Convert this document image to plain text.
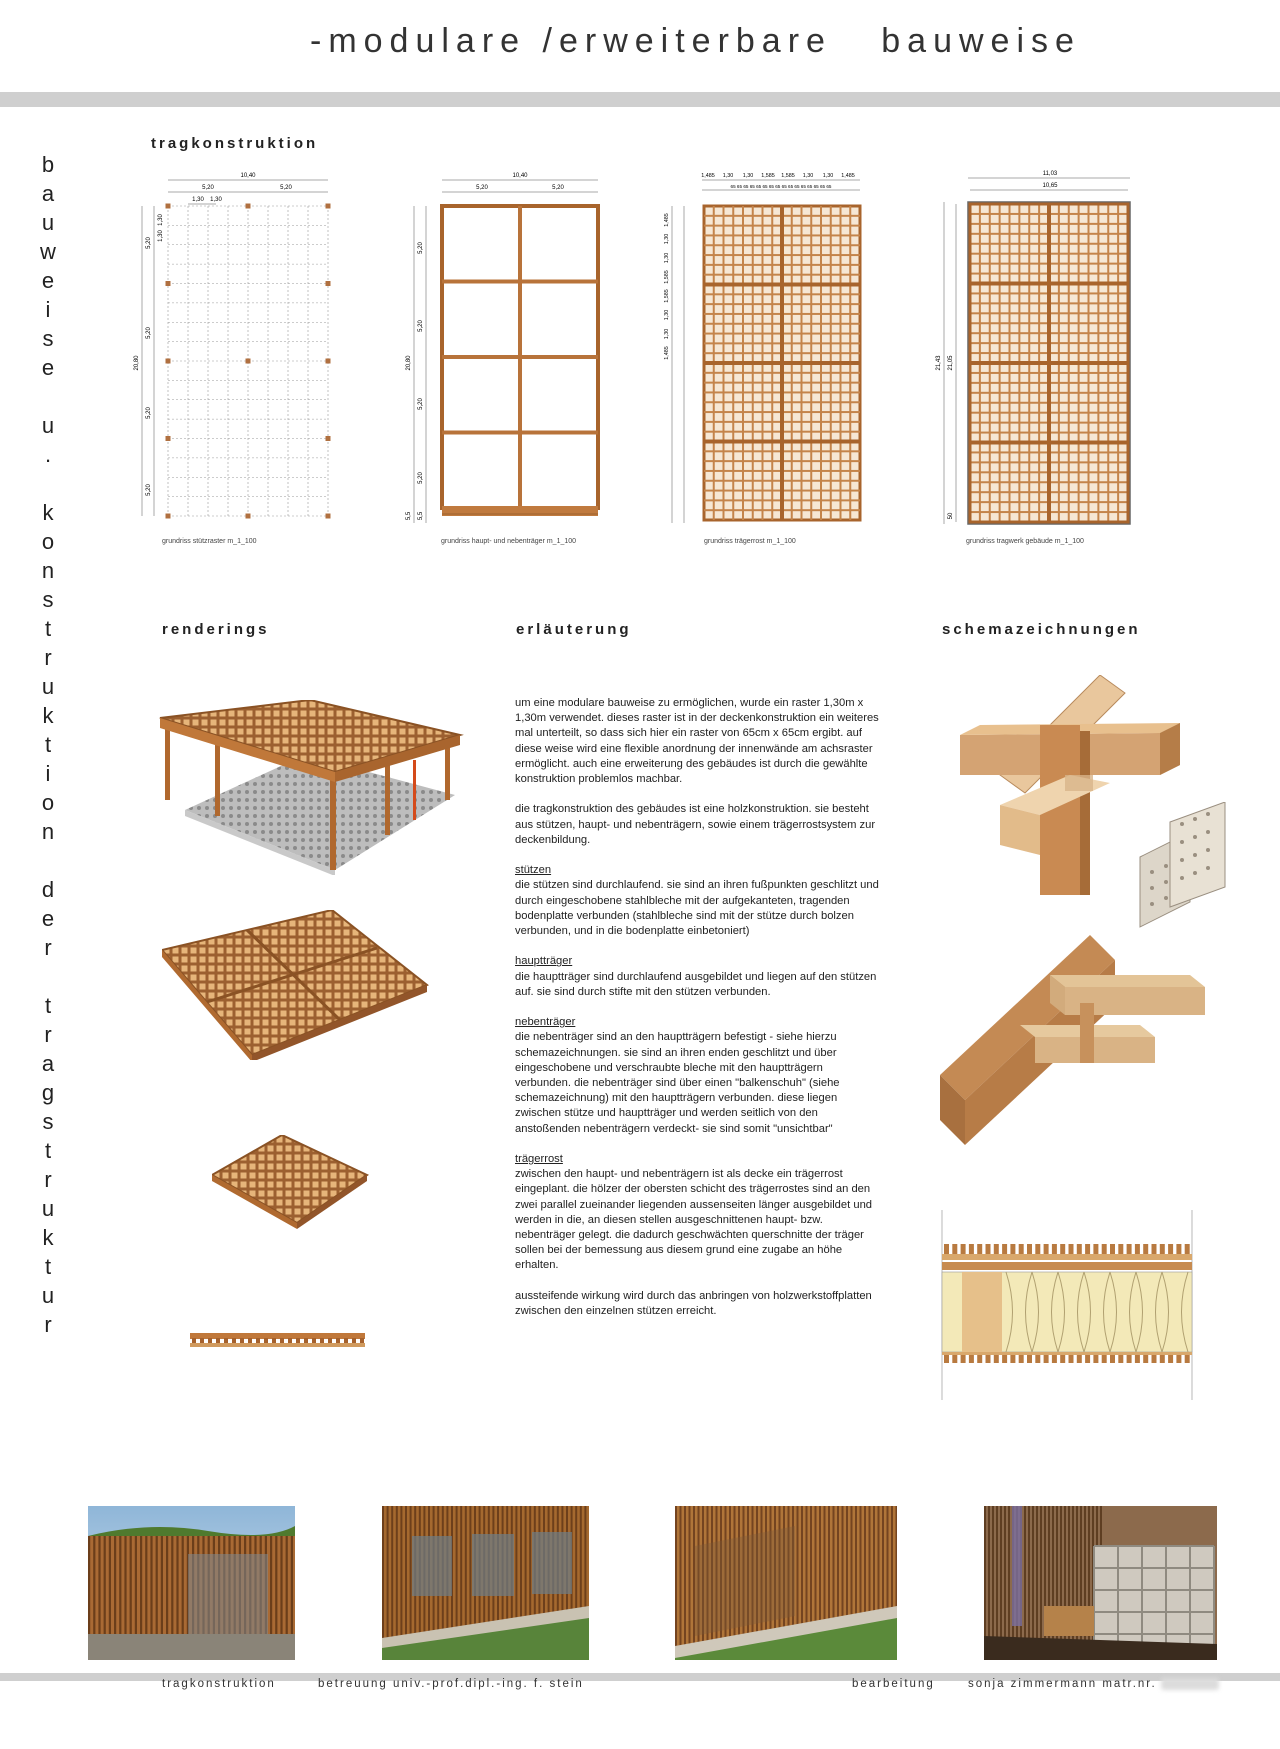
-modulare /erweiterbare   bauweise
b
a
u
w
e
i
s
e
u
.
k
o
n
s
t
r
u
k
t
i
o
n
d
e
r
t
r
a
g
s
t
r
u
k
t
u
r
tragkonstruktion
renderings	erläuterung	schemazeichnungen
10,40
5,20	5,20
1,30 1,30
20,80
5,20
1,30
1,30
5,20
5,20
5,20
grundriss stützraster m_1_100
10,40
5,20	5,20
20,80
5,20
5,20
5,20
5,20
5,5 5,5
grundriss haupt- und nebenträger m_1_100
1,485 1,30 1,30 1,585 1,585 1,30 1,30 1,485
1,485
1,30
1,30
1,585
1,585
1,30
1,30
1,485
65 65 65 65 65 65 65 65 65 65 65 65 65 65 65 65
grundriss trägerrost m_1_100
11,03
10,65
21,43 21,05
50
grundriss tragwerk gebäude m_1_100

um eine modulare bauweise zu ermöglichen, wurde ein raster 1,30m x 1,30m verwendet. dieses raster ist in der deckenkonstruktion ein weiteres mal unterteilt, so dass sich hier ein raster von 65cm x 65cm ergibt. auf diese weise wird eine flexible anordnung der innenwände am achsraster ermöglicht. auch eine erweiterung des gebäudes ist durch die gewählte konstruktion problemlos machbar.

die tragkonstruktion des gebäudes ist eine holzkonstruktion. sie besteht aus stützen, haupt- und nebenträgern, sowie einem trägerrostsystem zur deckenbildung.

stützen
die stützen sind durchlaufend. sie sind an ihren fußpunkten geschlitzt und durch eingeschobene stahlbleche mit der aufgekanteten, tragenden bodenplatte verbunden (stahlbleche sind mit der stütze durch bolzen verbunden, und in die bodenplatte einbetoniert)

hauptträger
die hauptträger sind durchlaufend ausgebildet und liegen auf den stützen auf. sie sind durch stifte mit den stützen verbunden.

nebenträger
die nebenträger sind an den hauptträgern befestigt - siehe hierzu schemazeichnungen. sie sind an ihren enden geschlitzt und über eingeschobene und verschraubte bleche mit den hauptträgern verbunden. die nebenträger sind über einen "balkenschuh" (siehe schemazeichnung) mit den hauptträgern verbunden. diese liegen zwischen stütze und hauptträger und werden seitlich von den anstoßenden nebenträgern verdeckt- sie sind somit "unsichtbar"

trägerrost
zwischen den haupt- und nebenträgern ist als decke ein trägerrost eingeplant. die hölzer der obersten schicht des trägerrostes sind an den zwei parallel zueinander liegenden aussenseiten länger ausgebildet und werden in die, an diesen stellen ausgeschnittenen haupt- bzw. nebenträger gelegt. die dadurch geschwächten querschnitte der träger sollen bei der bemessung aus diesem grund eine zugabe an höhe erhalten.

aussteifende wirkung wird durch das anbringen von holzwerkstoffplatten zwischen den einzelnen stützen erreicht.

tragkonstruktion	betreuung univ.-prof.dipl.-ing. f. stein	bearbeitung	sonja zimmermann matr.nr.
